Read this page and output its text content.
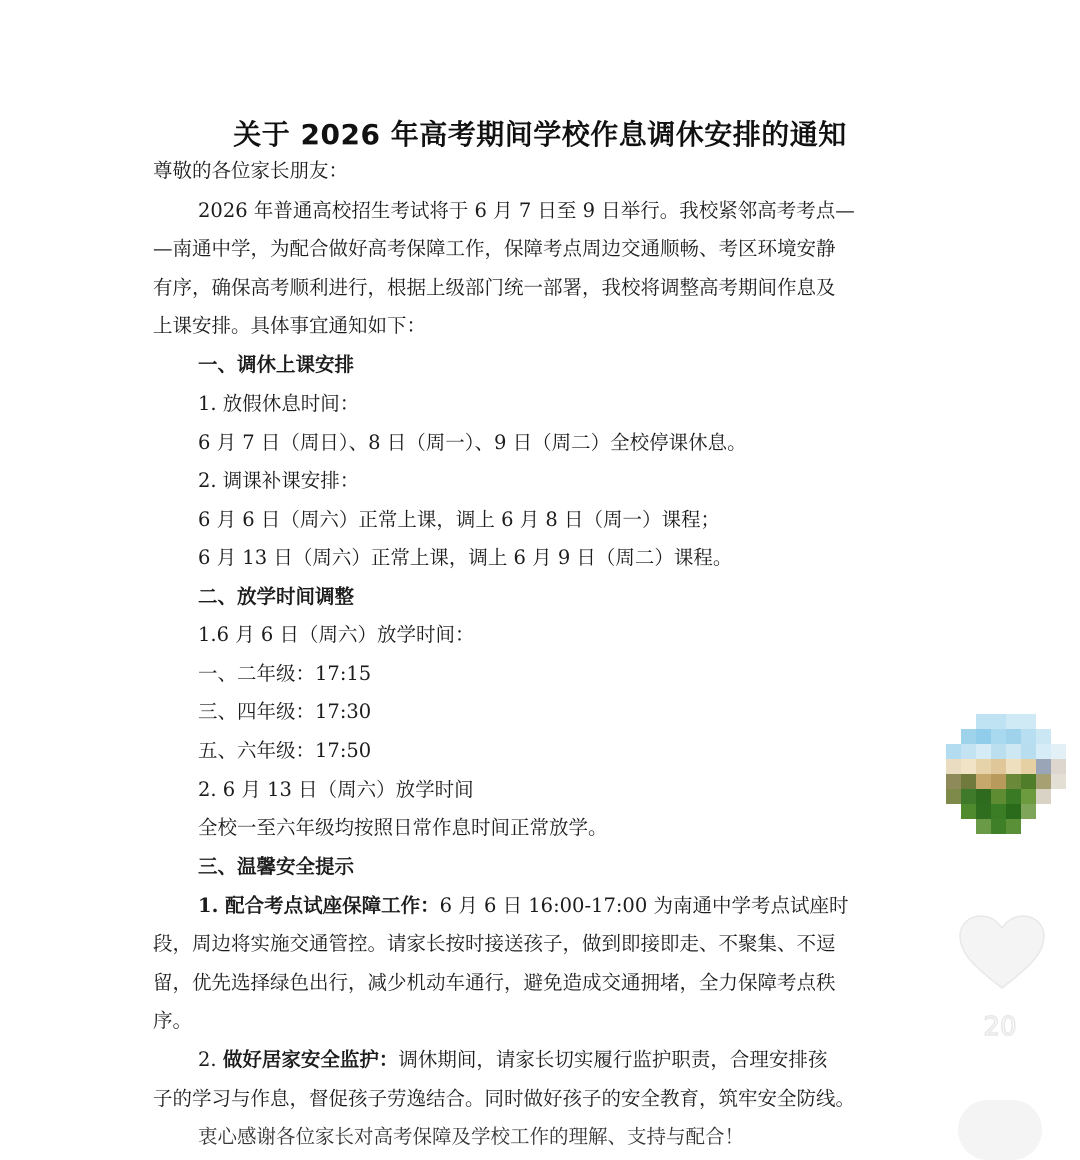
关于 2026 年高考期间学校作息调休安排的通知
尊敬的各位家长朋友：
2026 年普通高校招生考试将于 6 月 7 日至 9 日举行。我校紧邻高考考点—
—南通中学，为配合做好高考保障工作，保障考点周边交通顺畅、考区环境安静
有序，确保高考顺利进行，根据上级部门统一部署，我校将调整高考期间作息及
上课安排。具体事宜通知如下：
一、调休上课安排
1. 放假休息时间：
6 月 7 日（周日）、8 日（周一）、9 日（周二）全校停课休息。
2. 调课补课安排：
6 月 6 日（周六）正常上课，调上 6 月 8 日（周一）课程；
6 月 13 日（周六）正常上课，调上 6 月 9 日（周二）课程。
二、放学时间调整
1.6 月 6 日（周六）放学时间：
一、二年级：17:15
三、四年级：17:30
五、六年级：17:50
2. 6 月 13 日（周六）放学时间
全校一至六年级均按照日常作息时间正常放学。
三、温馨安全提示
1. 配合考点试座保障工作：6 月 6 日 16:00-17:00 为南通中学考点试座时
段，周边将实施交通管控。请家长按时接送孩子，做到即接即走、不聚集、不逗
留，优先选择绿色出行，减少机动车通行，避免造成交通拥堵，全力保障考点秩
序。
2. 做好居家安全监护：调休期间，请家长切实履行监护职责，合理安排孩
子的学习与作息，督促孩子劳逸结合。同时做好孩子的安全教育，筑牢安全防线。
衷心感谢各位家长对高考保障及学校工作的理解、支持与配合！
20
